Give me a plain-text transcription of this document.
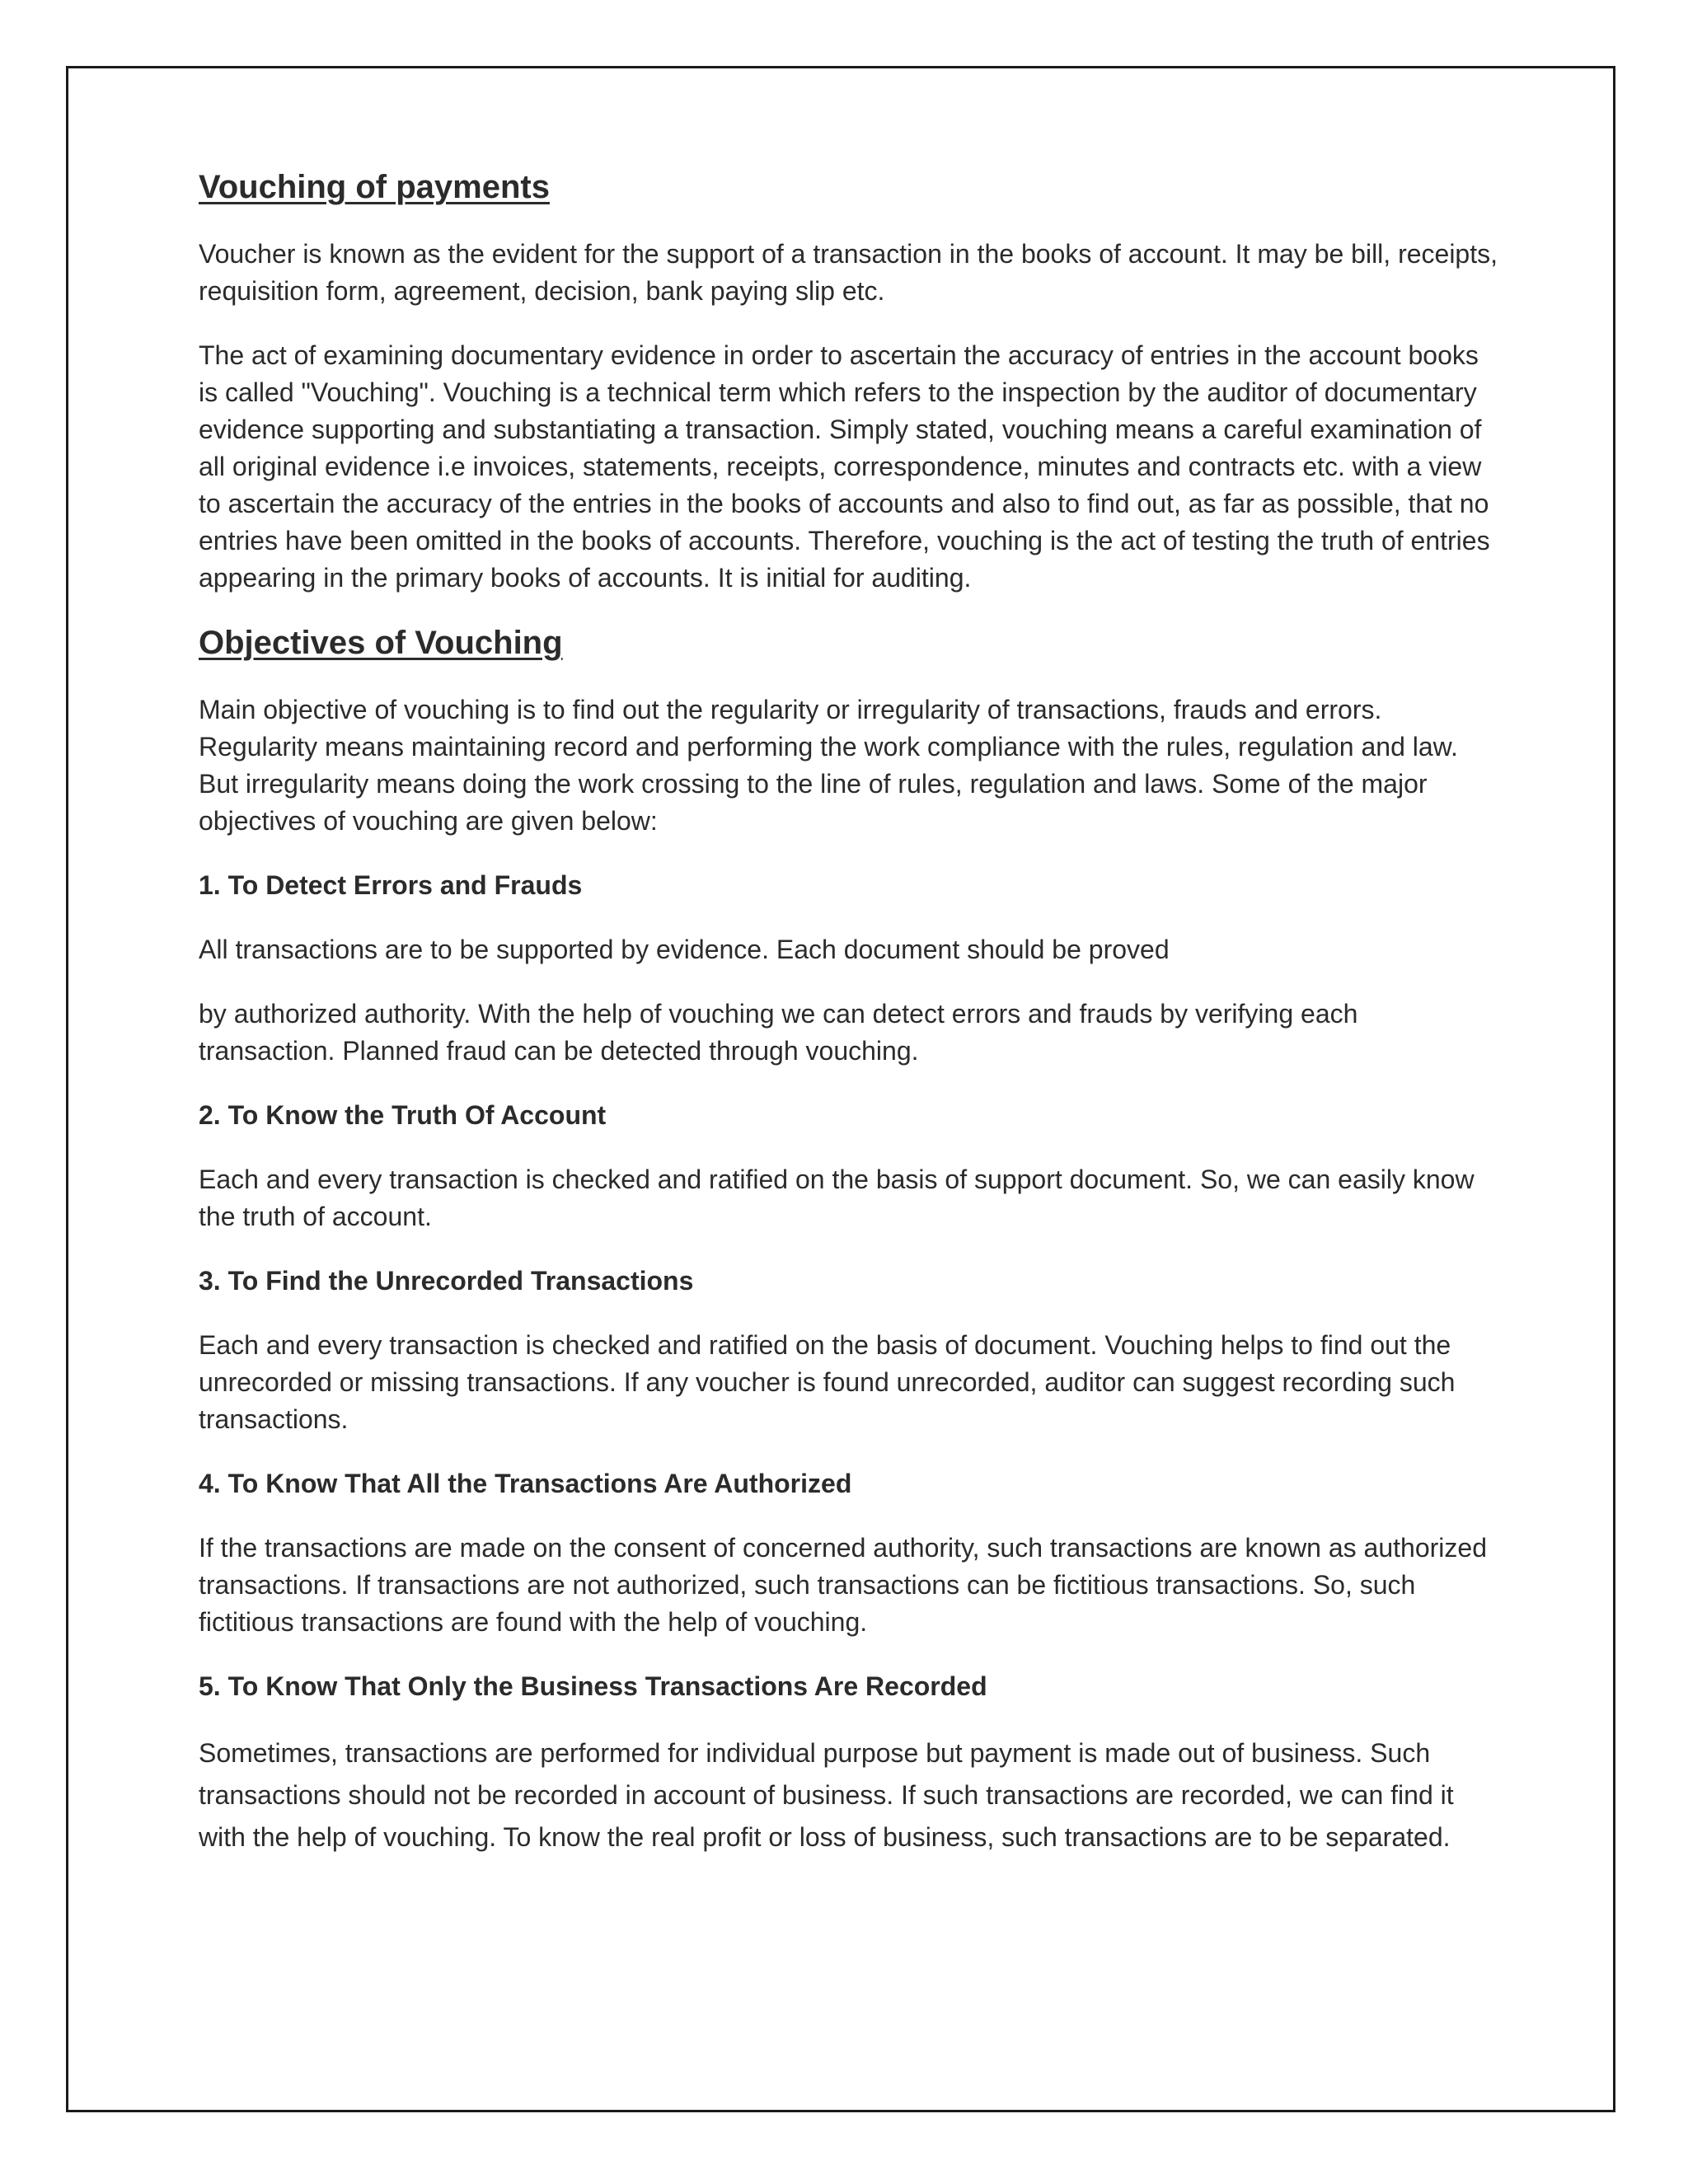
Vouching of payments

Voucher is known as the evident for the support of a transaction in the books of account. It may be bill, receipts, requisition form, agreement, decision, bank paying slip etc.

The act of examining documentary evidence in order to ascertain the accuracy of entries in the account books is called "Vouching". Vouching is a technical term which refers to the inspection by the auditor of documentary evidence supporting and substantiating a transaction. Simply stated, vouching means a careful examination of all original evidence i.e invoices, statements, receipts, correspondence, minutes and contracts etc. with a view to ascertain the accuracy of the entries in the books of accounts and also to find out, as far as possible, that no entries have been omitted in the books of accounts. Therefore, vouching is the act of testing the truth of entries appearing in the primary books of accounts. It is initial for auditing.

Objectives of Vouching

Main objective of vouching is to find out the regularity or irregularity of transactions, frauds and errors. Regularity means maintaining record and performing the work compliance with the rules, regulation and law. But irregularity means doing the work crossing to the line of rules, regulation and laws. Some of the major objectives of vouching are given below:

1. To Detect Errors and Frauds

All transactions are to be supported by evidence. Each document should be proved

by authorized authority. With the help of vouching we can detect errors and frauds by verifying each transaction. Planned fraud can be detected through vouching.

2. To Know the Truth Of Account

Each and every transaction is checked and ratified on the basis of support document. So, we can easily know the truth of account.

3. To Find the Unrecorded Transactions

Each and every transaction is checked and ratified on the basis of document. Vouching helps to find out the unrecorded or missing transactions. If any voucher is found unrecorded, auditor can suggest recording such transactions.

4. To Know That All the Transactions Are Authorized

If the transactions are made on the consent of concerned authority, such transactions are known as authorized transactions. If transactions are not authorized, such transactions can be fictitious transactions. So, such fictitious transactions are found with the help of vouching.

5. To Know That Only the Business Transactions Are Recorded

Sometimes, transactions are performed for individual purpose but payment is made out of business. Such transactions should not be recorded in account of business. If such transactions are recorded, we can find it with the help of vouching. To know the real profit or loss of business, such transactions are to be separated.
